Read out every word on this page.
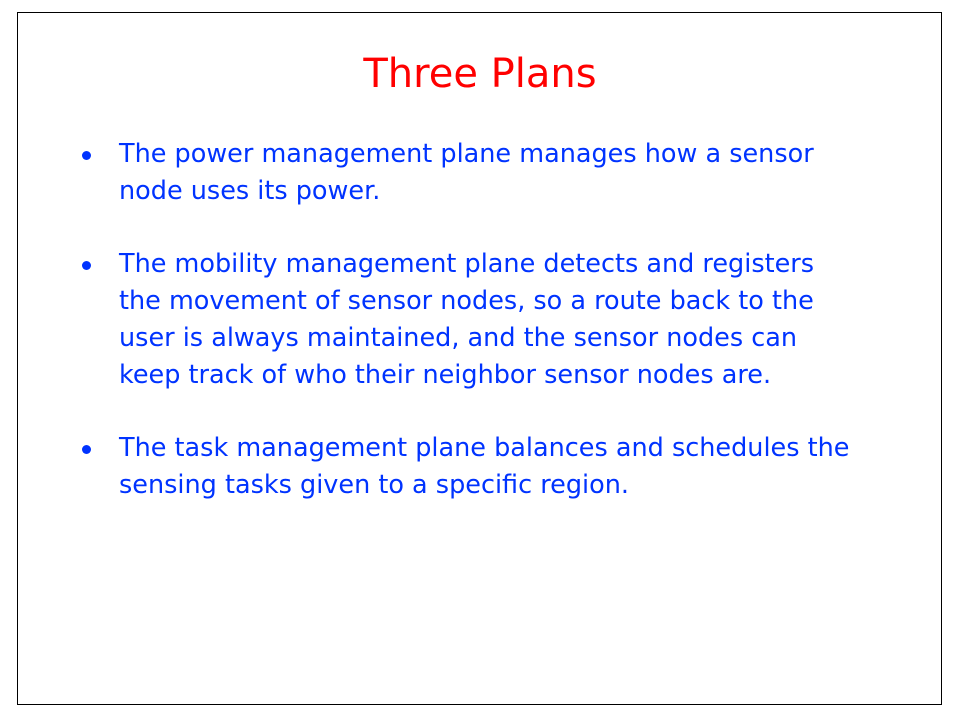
Three Plans
The power management plane manages how a sensor node uses its power.
The mobility management plane detects and registers the movement of sensor nodes, so a route back to the user is always maintained, and the sensor nodes can keep track of who their neighbor sensor nodes are.
The task management plane balances and schedules the sensing tasks given to a specific region.
